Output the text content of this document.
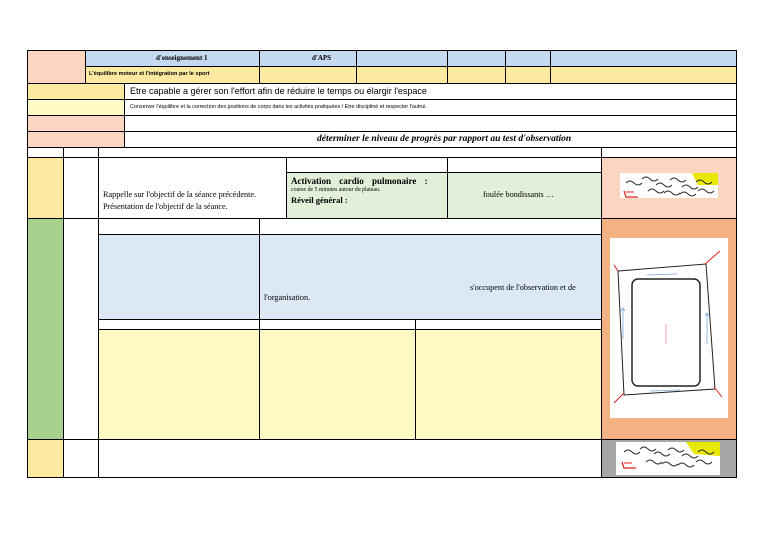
d'enseignement 1	d'APS
L'équilibre moteur et l'intégration par le sport
Etre capable a gérer son l'effort afin de réduire le temps ou élargir l'espace
Conserver l'équilibre et la correction des positions de corps dans les activités pratiquées / Etre discipliné et respecter l'autrui.
déterminer le niveau de progrès par rapport au test d'observation
Rappelle sur l'objectif de la séance précédente.
Présentation de l'objectif de la séance.
Activation cardio pulmonaire :
course de 5 minutes autour du plateau.
Réveil général :
foulée bondissants …
s'occupent de l'observation et de
l'organisation.
